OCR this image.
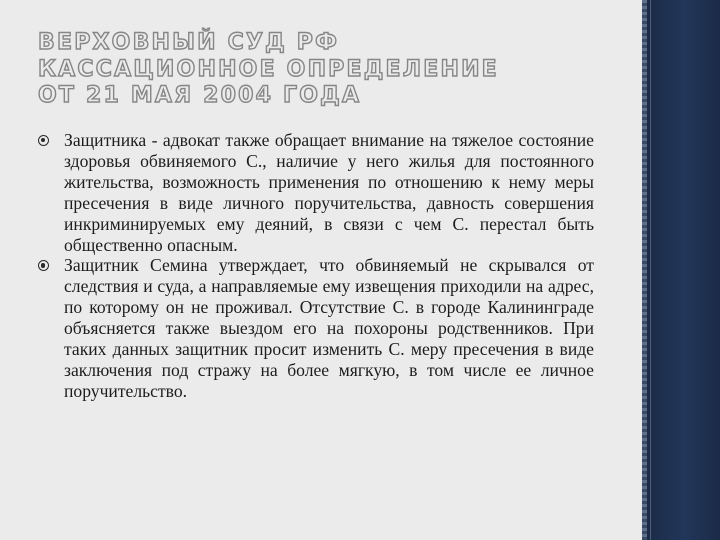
ВЕРХОВНЫЙ СУД РФ
КАССАЦИОННОЕ ОПРЕДЕЛЕНИЕ
ОТ 21 МАЯ 2004 ГОДА
Защитника - адвокат также обращает внимание на тяжелое состояние здоровья обвиняемого С., наличие у него жилья для постоянного жительства, возможность применения по отношению к нему меры пресечения в виде личного поручительства, давность совершения инкриминируемых ему деяний, в связи с чем С. перестал быть общественно опасным.
Защитник Семина утверждает, что обвиняемый не скрывался от следствия и суда, а направляемые ему извещения приходили на адрес, по которому он не проживал. Отсутствие С. в городе Калининграде объясняется также выездом его на похороны родственников. При таких данных защитник просит изменить С. меру пресечения в виде заключения под стражу на более мягкую, в том числе ее личное поручительство.
